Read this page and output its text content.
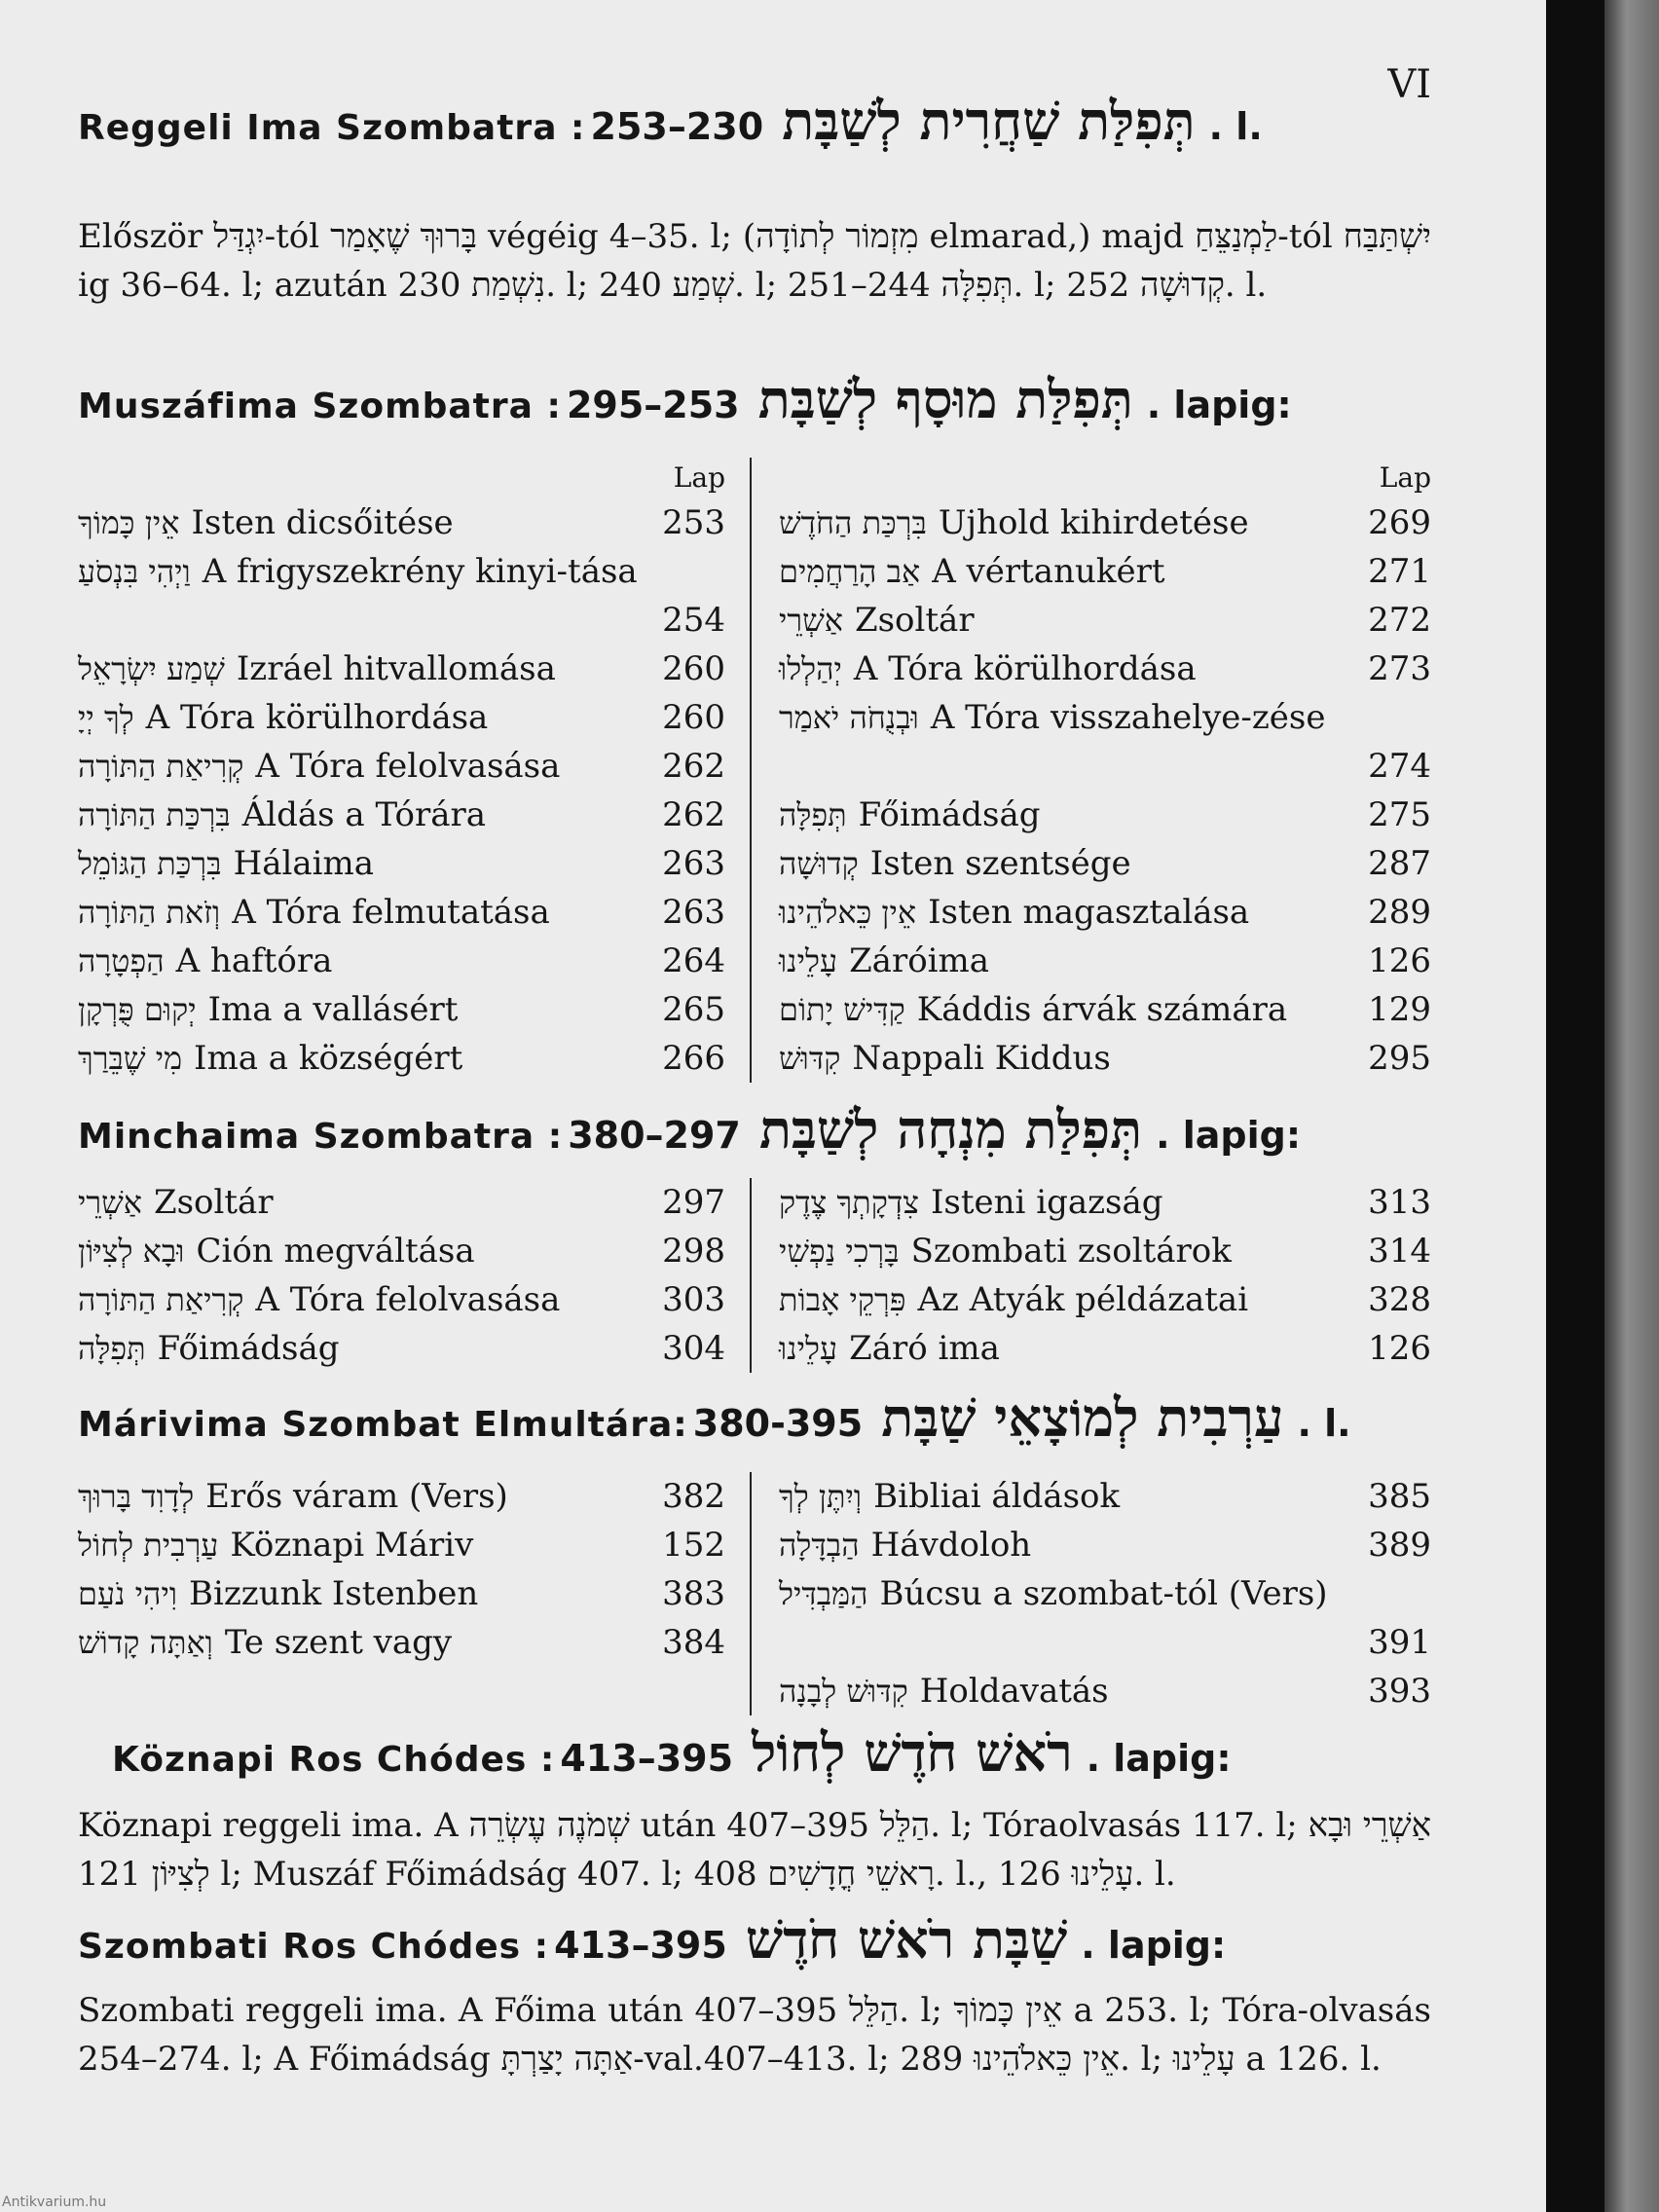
VI
Reggeli Ima Szombatra :	תְּפִלַּת שַׁחֲרִית לְשַׁבָּת 230–253. l.
Először יִגְדַּל-tól בָּרוּךְ שֶׁאָמַר végéig 4–35. l; (מִזְמוֹר לְתוֹדָה elmarad,) majd לַמְנַצֵּחַ-tól יִשְׁתַּבַּח ig 36–64. l; azután נִשְׁמַת 230. l; שְׁמַע 240. l; תְּפִלָּה 244–251. l; קְדוּשָׁה 252. l.
Muszáfima Szombatra :	תְּפִלַּת מוּסָף לְשַׁבָּת 253–295. lapig:
Lap
אֵין כָּמוֹךָ Isten dicsőitése	253
וַיְהִי בִּנְסֹעַ A frigyszekrény kinyi-tása
254
שְׁמַע יִשְׂרָאֵל Izráel hitvallomása	260
לְךָ יְיָ A Tóra körülhordása	260
קְרִיאַת הַתּוֹרָה A Tóra felolvasása	262
בִּרְכַּת הַתּוֹרָה Áldás a Tórára	262
בִּרְכַּת הַגּוֹמֵל Hálaima	263
וְזֹאת הַתּוֹרָה A Tóra felmutatása	263
הַפְטָרָה A haftóra	264
יְקוּם פֻּרְקָן Ima a vallásért	265
מִי שֶׁבֵּרַךְ Ima a községért	266
Lap
בִּרְכַּת הַחֹדֶשׁ Ujhold kihirdetése	269
אַב הָרַחֲמִים A vértanukért	271
אַשְׁרֵי Zsoltár	272
יְהַלְלוּ A Tóra körülhordása	273
וּבְנֻחֹה יֹאמַר A Tóra visszahelye-zése
274
תְּפִלָּה Főimádság	275
קְדוּשָׁה Isten szentsége	287
אֵין כֵּאלֹהֵינוּ Isten magasztalása	289
עָלֵינוּ Záróima	126
קַדִּישׁ יָתוֹם Káddis árvák számára 129
קִדּוּשׁ Nappali Kiddus	295
Minchaima Szombatra :	תְּפִלַּת מִנְחָה לְשַׁבָּת 297–380. lapig:
אַשְׁרֵי Zsoltár	297
וּבָא לְצִיּוֹן Ción megváltása	298
קְרִיאַת הַתּוֹרָה A Tóra felolvasása	303
תְּפִלָּה Főimádság	304
צִדְקָתְךָ צֶדֶק Isteni igazság	313
בָּרְכִי נַפְשִׁי Szombati zsoltárok	314
פִּרְקֵי אָבוֹת Az Atyák példázatai	328
עָלֵינוּ Záró ima	126
Márivima Szombat Elmultára:	עַרְבִית לְמוֹצָאֵי שַׁבָּת 380-395. l.
לְדָוִד בָּרוּךְ Erős váram (Vers)	382
עַרְבִית לְחוֹל Köznapi Máriv	152
וִיהִי נֹעַם Bizzunk Istenben	383
וְאַתָּה קָדוֹשׁ Te szent vagy	384
וְיִתֶּן לְךָ Bibliai áldások	385
הַבְדָּלָה Hávdoloh	389
הַמַּבְדִּיל Búcsu a szombat-tól (Vers)
391
קִדּוּשׁ לְבָנָה Holdavatás	393
Köznapi Ros Chódes :	רֹאשׁ חֹדֶשׁ לְחוֹל 395–413. lapig:
Köznapi reggeli ima. A שְׁמֹנֶה עֶשְׂרֵה után הַלֵּל 395–407. l; Tóraolvasás 117. l; אַשְׁרֵי וּבָא לְצִיּוֹן 121 l; Muszáf Főimádság 407. l; רָאשֵׁי חֳדָשִׁים 408. l., עָלֵינוּ 126. l.
Szombati Ros Chódes :	שַׁבָּת רֹאשׁ חֹדֶשׁ 395–413. lapig:
Szombati reggeli ima. A Főima után הַלֵּל 395–407. l; אֵין כָּמוֹךָ a 253. l; Tóra-olvasás 254–274. l; A Főimádság אַתָּה יָצַרְתָּ-val.407–413. l; אֵין כֵּאלֹהֵינוּ 289. l; עָלֵינוּ a 126. l.
Antikvarium.hu
